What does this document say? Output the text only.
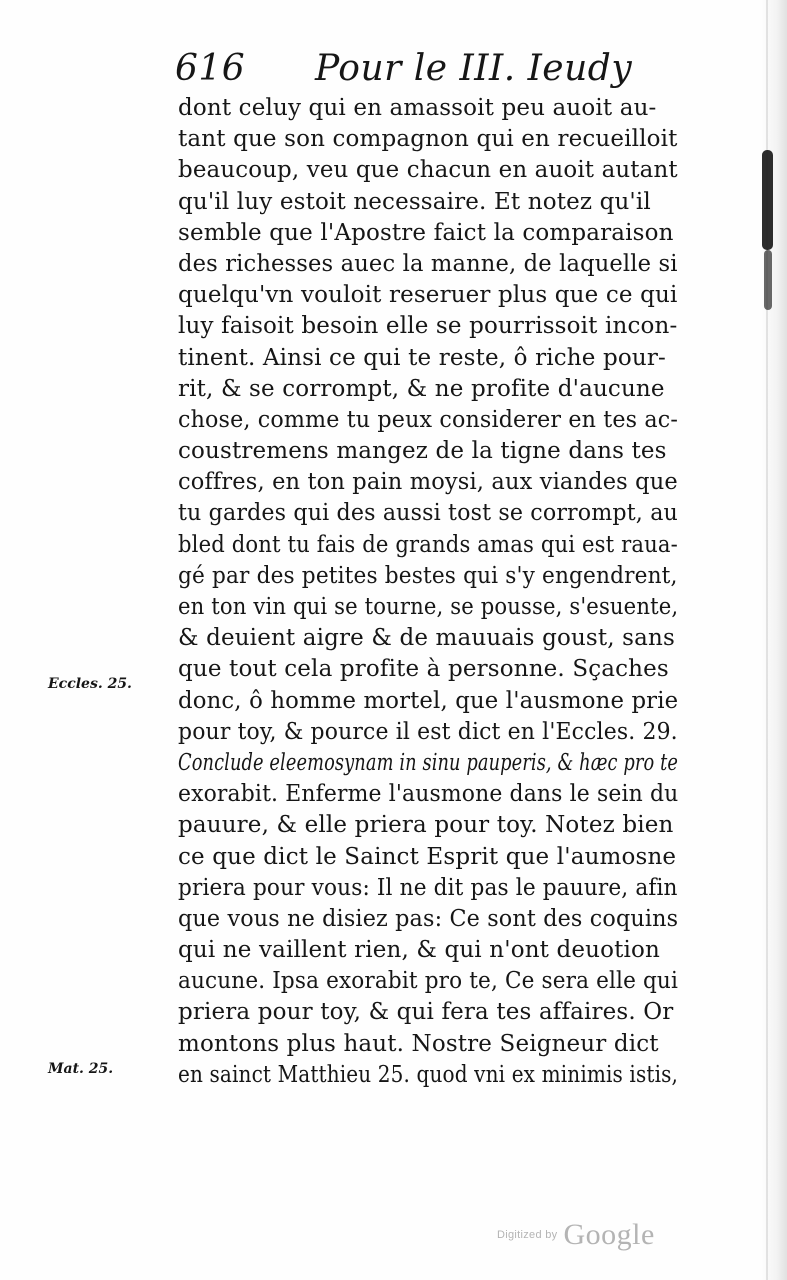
616 Pour le III. Ieudy
Eccles. 25.
Mat. 25.
dont celuy qui en amassoit peu auoit au-
tant que son compagnon qui en recueilloit
beaucoup, veu que chacun en auoit autant
qu'il luy estoit necessaire. Et notez qu'il
semble que l'Apostre faict la comparaison
des richesses auec la manne, de laquelle si
quelqu'vn vouloit reseruer plus que ce qui
luy faisoit besoin elle se pourrissoit incon-
tinent. Ainsi ce qui te reste, ô riche pour-
rit, & se corrompt, & ne profite d'aucune
chose, comme tu peux considerer en tes ac-
coustremens mangez de la tigne dans tes
coffres, en ton pain moysi, aux viandes que
tu gardes qui des aussi tost se corrompt, au
bled dont tu fais de grands amas qui est raua-
gé par des petites bestes qui s'y engendrent,
en ton vin qui se tourne, se pousse, s'esuente,
& deuient aigre & de mauuais goust, sans
que tout cela profite à personne. Sçaches
donc, ô homme mortel, que l'ausmone prie
pour toy, & pource il est dict en l'Eccles. 29.
Conclude eleemosynam in sinu pauperis, & hæc pro te
exorabit. Enferme l'ausmone dans le sein du
pauure, & elle priera pour toy. Notez bien
ce que dict le Sainct Esprit que l'aumosne
priera pour vous: Il ne dit pas le pauure, afin
que vous ne disiez pas: Ce sont des coquins
qui ne vaillent rien, & qui n'ont deuotion
aucune. Ipsa exorabit pro te, Ce sera elle qui
priera pour toy, & qui fera tes affaires. Or
montons plus haut. Nostre Seigneur dict
en sainct Matthieu 25. quod vni ex minimis istis,
Digitized by Google
